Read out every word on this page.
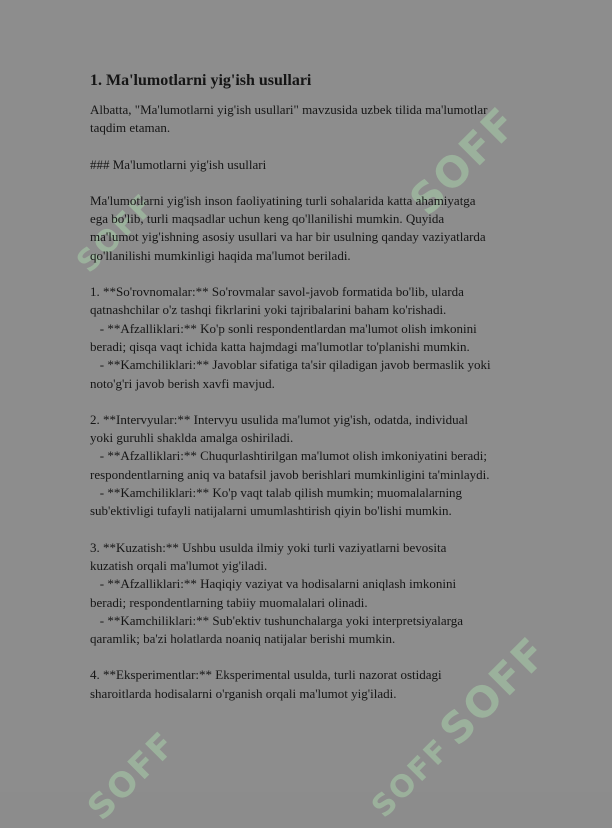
SOFF
SOFF
SOFF
SOFF	SOFF
1. Ma'lumotlarni yig'ish usullari

Albatta, "Ma'lumotlarni yig'ish usullari" mavzusida uzbek tilida ma'lumotlar
taqdim etaman.

### Ma'lumotlarni yig'ish usullari

Ma'lumotlarni yig'ish inson faoliyatining turli sohalarida katta ahamiyatga
ega bo'lib, turli maqsadlar uchun keng qo'llanilishi mumkin. Quyida
ma'lumot yig'ishning asosiy usullari va har bir usulning qanday vaziyatlarda
qo'llanilishi mumkinligi haqida ma'lumot beriladi.

1. **So'rovnomalar:** So'rovmalar savol-javob formatida bo'lib, ularda
qatnashchilar o'z tashqi fikrlarini yoki tajribalarini baham ko'rishadi.
- **Afzalliklari:** Ko'p sonli respondentlardan ma'lumot olish imkonini
beradi; qisqa vaqt ichida katta hajmdagi ma'lumotlar to'planishi mumkin.
- **Kamchiliklari:** Javoblar sifatiga ta'sir qiladigan javob bermaslik yoki
noto'g'ri javob berish xavfi mavjud.

2. **Intervyular:** Intervyu usulida ma'lumot yig'ish, odatda, individual
yoki guruhli shaklda amalga oshiriladi.
- **Afzalliklari:** Chuqurlashtirilgan ma'lumot olish imkoniyatini beradi;
respondentlarning aniq va batafsil javob berishlari mumkinligini ta'minlaydi.
- **Kamchiliklari:** Ko'p vaqt talab qilish mumkin; muomalalarning
sub'ektivligi tufayli natijalarni umumlashtirish qiyin bo'lishi mumkin.

3. **Kuzatish:** Ushbu usulda ilmiy yoki turli vaziyatlarni bevosita
kuzatish orqali ma'lumot yig'iladi.
- **Afzalliklari:** Haqiqiy vaziyat va hodisalarni aniqlash imkonini
beradi; respondentlarning tabiiy muomalalari olinadi.
- **Kamchiliklari:** Sub'ektiv tushunchalarga yoki interpretsiyalarga
qaramlik; ba'zi holatlarda noaniq natijalar berishi mumkin.

4. **Eksperimentlar:** Eksperimental usulda, turli nazorat ostidagi
sharoitlarda hodisalarni o'rganish orqali ma'lumot yig'iladi.
